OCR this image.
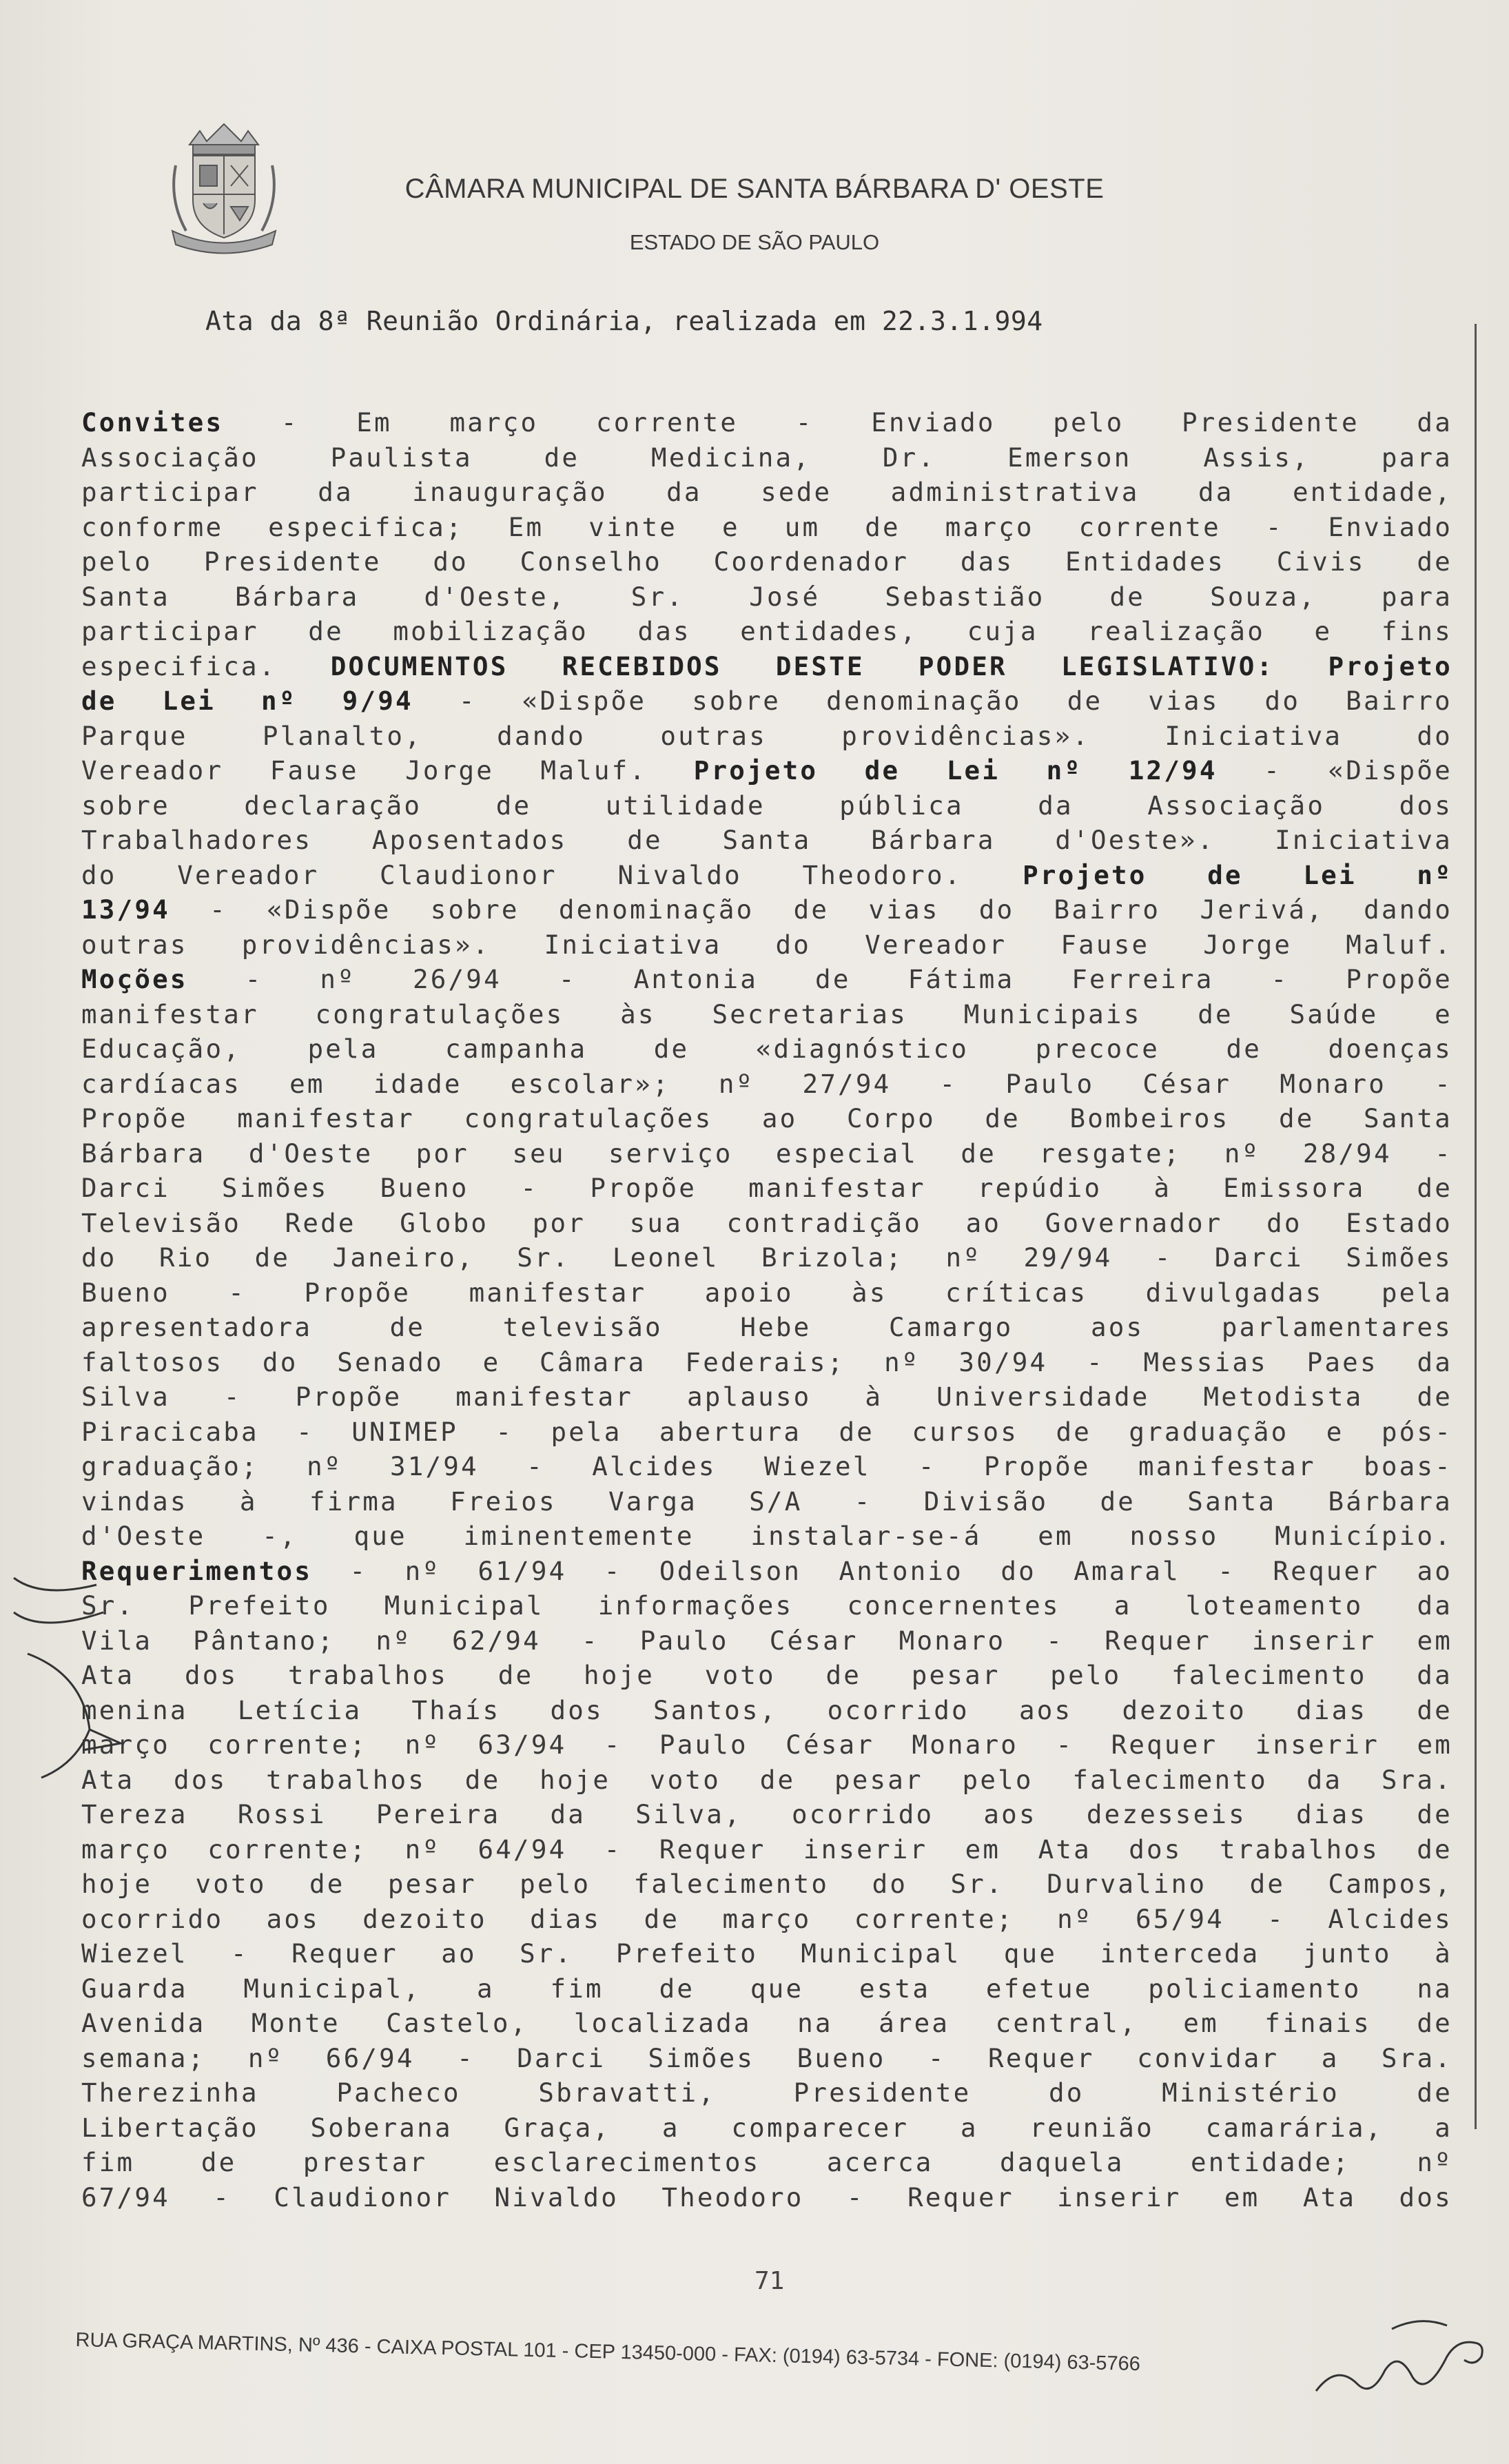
CÂMARA MUNICIPAL DE SANTA BÁRBARA D' OESTE
ESTADO DE SÃO PAULO
Ata da 8ª Reunião Ordinária, realizada em 22.3.1.994
Convites - Em março corrente - Enviado pelo Presidente da
Associação	Paulista	de	Medicina,	Dr.	Emerson	Assis,	para
participar da inauguração da sede administrativa da entidade,
conforme especifica; Em vinte e um de março corrente - Enviado
pelo Presidente do Conselho Coordenador das Entidades Civis de
Santa	Bárbara	d'Oeste,	Sr.	José	Sebastião	de	Souza,	para
participar de mobilização das entidades, cuja realização e fins
especifica. DOCUMENTOS RECEBIDOS DESTE PODER LEGISLATIVO: Projeto
de Lei nº 9/94 - «Dispõe sobre denominação de vias do Bairro
Parque	Planalto,	dando	outras	providências».	Iniciativa	do
Vereador Fause Jorge Maluf. Projeto de Lei nº 12/94 - «Dispõe
sobre	declaração	de	utilidade	pública	da	Associação	dos
Trabalhadores Aposentados de Santa Bárbara d'Oeste». Iniciativa
do Vereador Claudionor Nivaldo Theodoro. Projeto de Lei nº
13/94 - «Dispõe sobre denominação de vias do Bairro Jerivá, dando
outras providências». Iniciativa do Vereador Fause Jorge Maluf.
Moções - nº 26/94 - Antonia de Fátima Ferreira - Propõe
manifestar congratulações às Secretarias Municipais de Saúde e
Educação,	pela	campanha	de	«diagnóstico	precoce	de	doenças
cardíacas em idade escolar»; nº 27/94 - Paulo César Monaro -
Propõe manifestar congratulações ao Corpo de Bombeiros de Santa
Bárbara d'Oeste por seu serviço especial de resgate; nº 28/94 -
Darci Simões Bueno - Propõe manifestar repúdio à Emissora de
Televisão Rede Globo por sua contradição ao Governador do Estado
do Rio de Janeiro, Sr. Leonel Brizola; nº 29/94 - Darci Simões
Bueno - Propõe manifestar apoio às críticas divulgadas pela
apresentadora	de	televisão	Hebe	Camargo	aos	parlamentares
faltosos do Senado e Câmara Federais; nº 30/94 - Messias Paes da
Silva - Propõe manifestar aplauso à Universidade Metodista de
Piracicaba - UNIMEP - pela abertura de cursos de graduação e pós-
graduação; nº 31/94 - Alcides Wiezel - Propõe manifestar boas-
vindas à firma Freios Varga S/A - Divisão de Santa Bárbara
d'Oeste -, que iminentemente instalar-se-á em nosso Município.
Requerimentos - nº 61/94 - Odeilson Antonio do Amaral - Requer ao
Sr. Prefeito Municipal informações concernentes a loteamento da
Vila Pântano; nº 62/94 - Paulo César Monaro - Requer inserir em
Ata dos trabalhos de hoje voto de pesar pelo falecimento da
menina Letícia Thaís dos Santos, ocorrido aos dezoito dias de
março corrente; nº 63/94 - Paulo César Monaro - Requer inserir em
Ata dos trabalhos de hoje voto de pesar pelo falecimento da Sra.
Tereza Rossi Pereira da Silva, ocorrido aos dezesseis dias de
março corrente; nº 64/94 - Requer inserir em Ata dos trabalhos de
hoje voto de pesar pelo falecimento do Sr. Durvalino de Campos,
ocorrido aos dezoito dias de março corrente; nº 65/94 - Alcides
Wiezel - Requer ao Sr. Prefeito Municipal que interceda junto à
Guarda Municipal, a fim de que esta efetue policiamento na
Avenida Monte Castelo, localizada na área central, em finais de
semana; nº 66/94 - Darci Simões Bueno - Requer convidar a Sra.
Therezinha	Pacheco	Sbravatti,	Presidente	do	Ministério	de
Libertação Soberana Graça, a comparecer a reunião camarária, a
fim	de	prestar	esclarecimentos	acerca	daquela	entidade;	nº
67/94 - Claudionor Nivaldo Theodoro - Requer inserir em Ata dos
71
RUA GRAÇA MARTINS, Nº 436 - CAIXA POSTAL 101 - CEP 13450-000 - FAX: (0194) 63-5734 - FONE: (0194) 63-5766
